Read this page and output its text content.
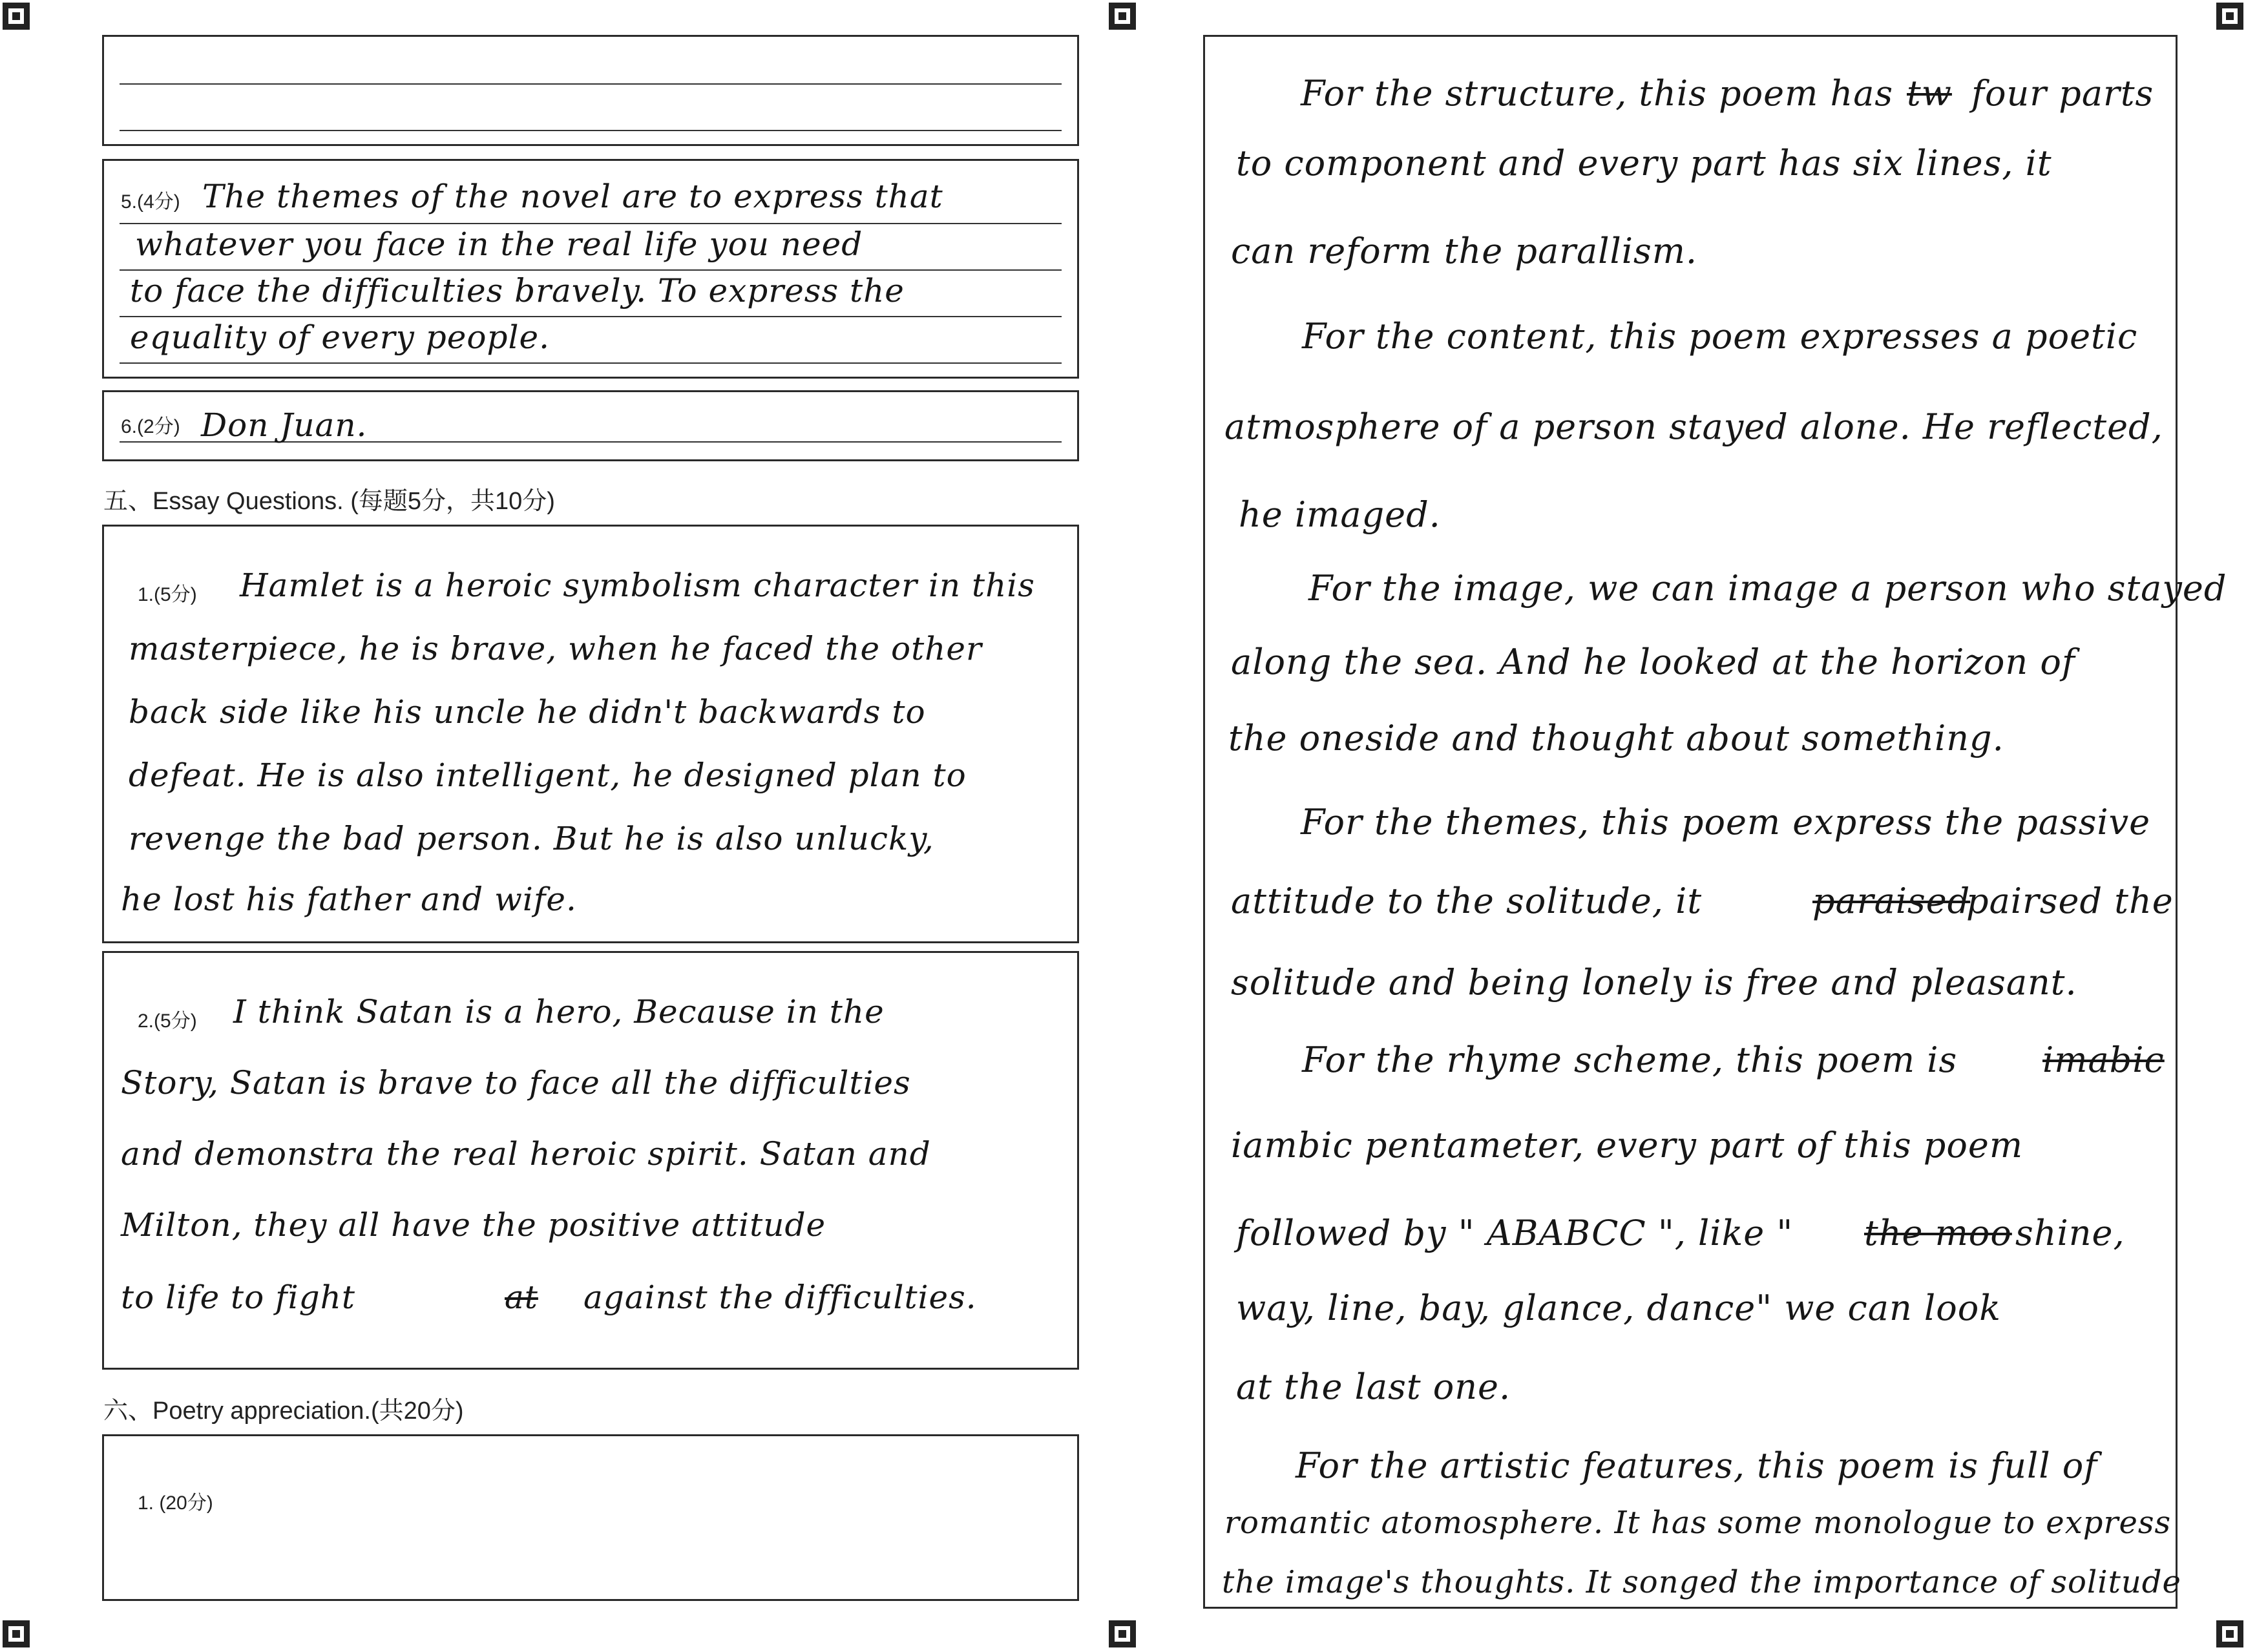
5.(4分) The themes of the novel are to express that
whatever you face in the real life you need
to face the difficulties bravely. To express the
equality of every people.
6.(2分) Don Juan.
五、Essay Questions. (每题5分，共10分)
1.(5分) Hamlet is a heroic symbolism character in this
masterpiece, he is brave, when he faced the other
back side like his uncle he didn't backwards to
defeat. He is also intelligent, he designed plan to
revenge the bad person. But he is also unlucky,
he lost his father and wife.
2.(5分) I think Satan is a hero, Because in the
Story, Satan is brave to face all the difficulties
and demonstra the real heroic spirit. Satan and
Milton, they all have the positive attitude
to life to fight	at against the difficulties.
六、Poetry appreciation.(共20分)
1. (20分)
For the structure, this poem has tw four parts
to component and every part has six lines, it
can reform the parallism.
For the content, this poem expresses a poetic
atmosphere of a person stayed alone. He reflected,
he imaged.
For the image, we can image a person who stayed
along the sea. And he looked at the horizon of
the oneside and thought about something.
For the themes, this poem express the passive
attitude to the solitude, it	paraised
pairsed the
solitude and being lonely is free and pleasant.
For the rhyme scheme, this poem is imabic
iambic pentameter, every part of this poem
followed by " ABABCC ", like " the moo shine,
way, line, bay, glance, dance" we can look
at the last one.
For the artistic features, this poem is full of
romantic atomosphere. It has some monologue to express
the image's thoughts. It songed the importance of solitude
